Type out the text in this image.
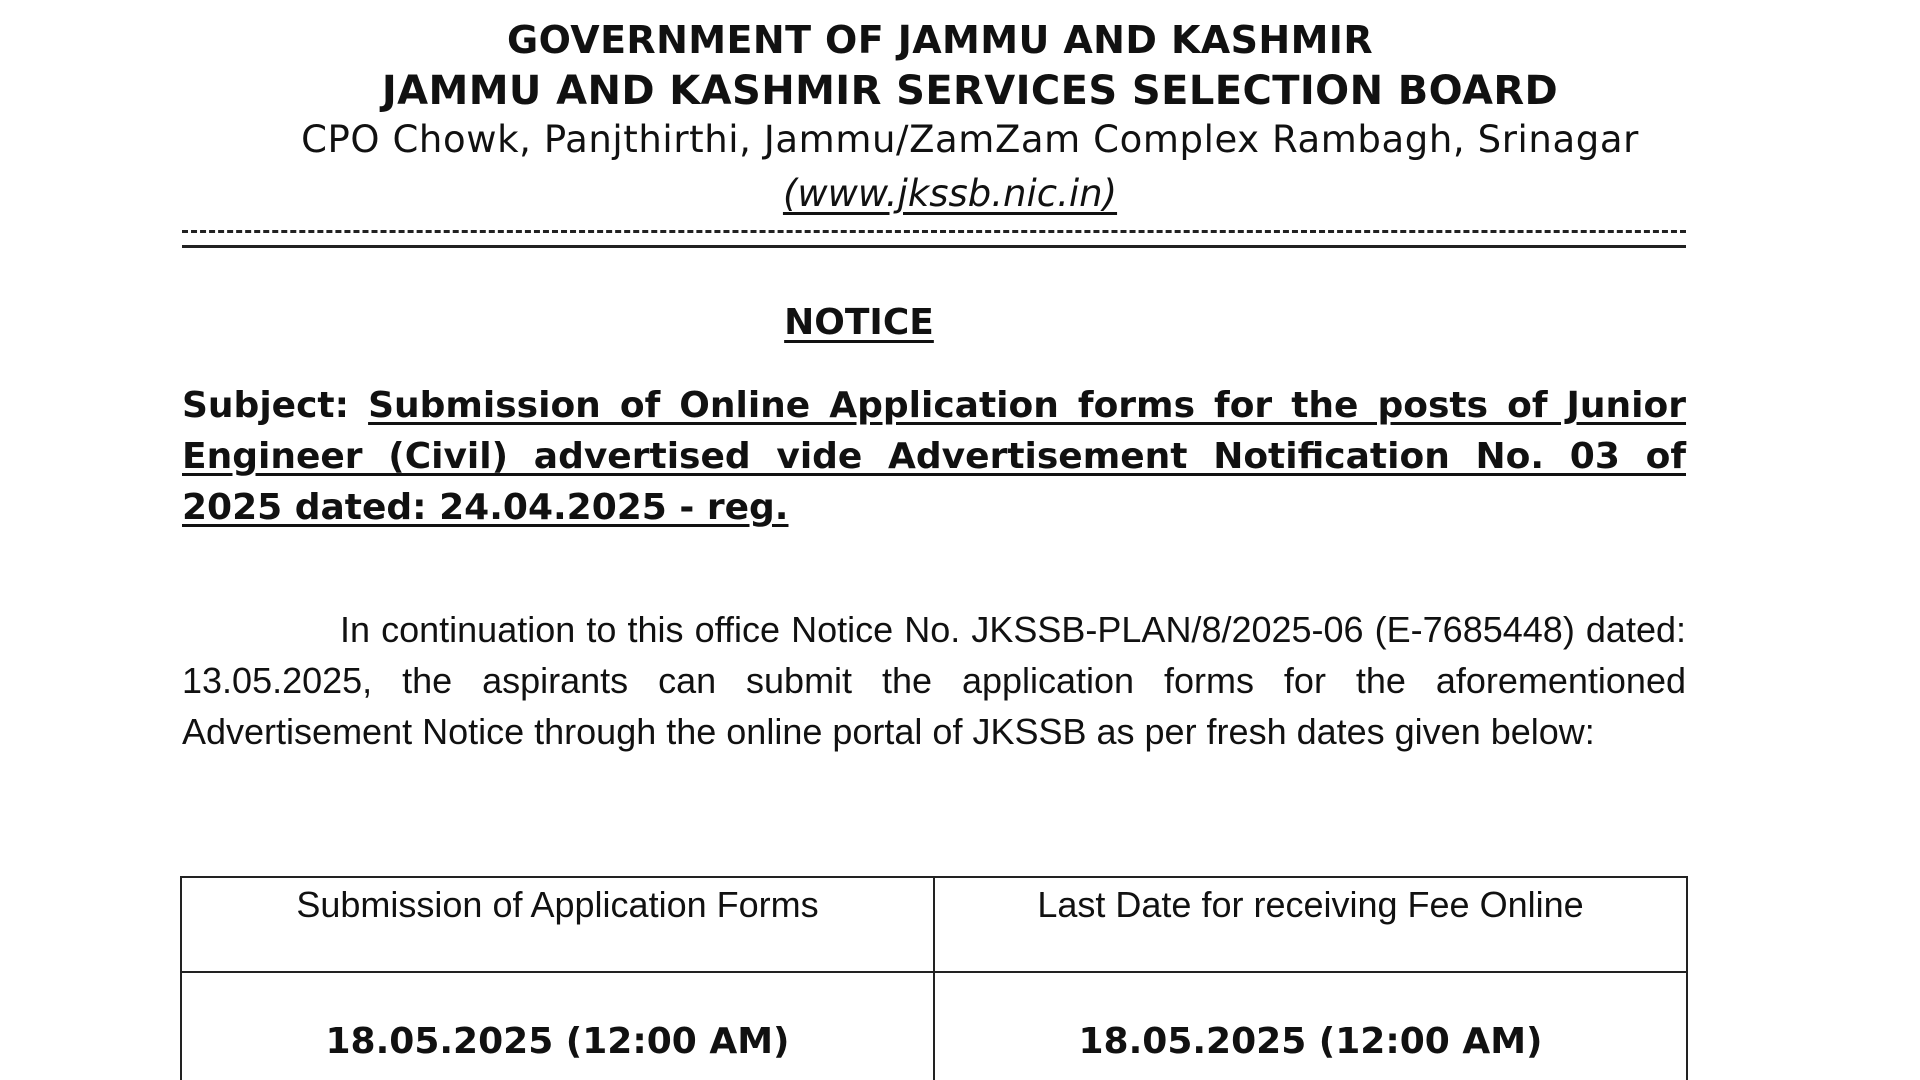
GOVERNMENT OF JAMMU AND KASHMIR
JAMMU AND KASHMIR SERVICES SELECTION BOARD
CPO Chowk, Panjthirthi, Jammu/ZamZam Complex Rambagh, Srinagar
(www.jkssb.nic.in)
NOTICE
Subject: Submission of Online Application forms for the posts of Junior Engineer (Civil) advertised vide Advertisement Notification No. 03 of 2025 dated: 24.04.2025 - reg.
In continuation to this office Notice No. JKSSB-PLAN/8/2025-06 (E-7685448) dated: 13.05.2025, the aspirants can submit the application forms for the aforementioned Advertisement Notice through the online portal of JKSSB as per fresh dates given below:
Submission of Application Forms	Last Date for receiving Fee Online
18.05.2025 (12:00 AM)	18.05.2025 (12:00 AM)
